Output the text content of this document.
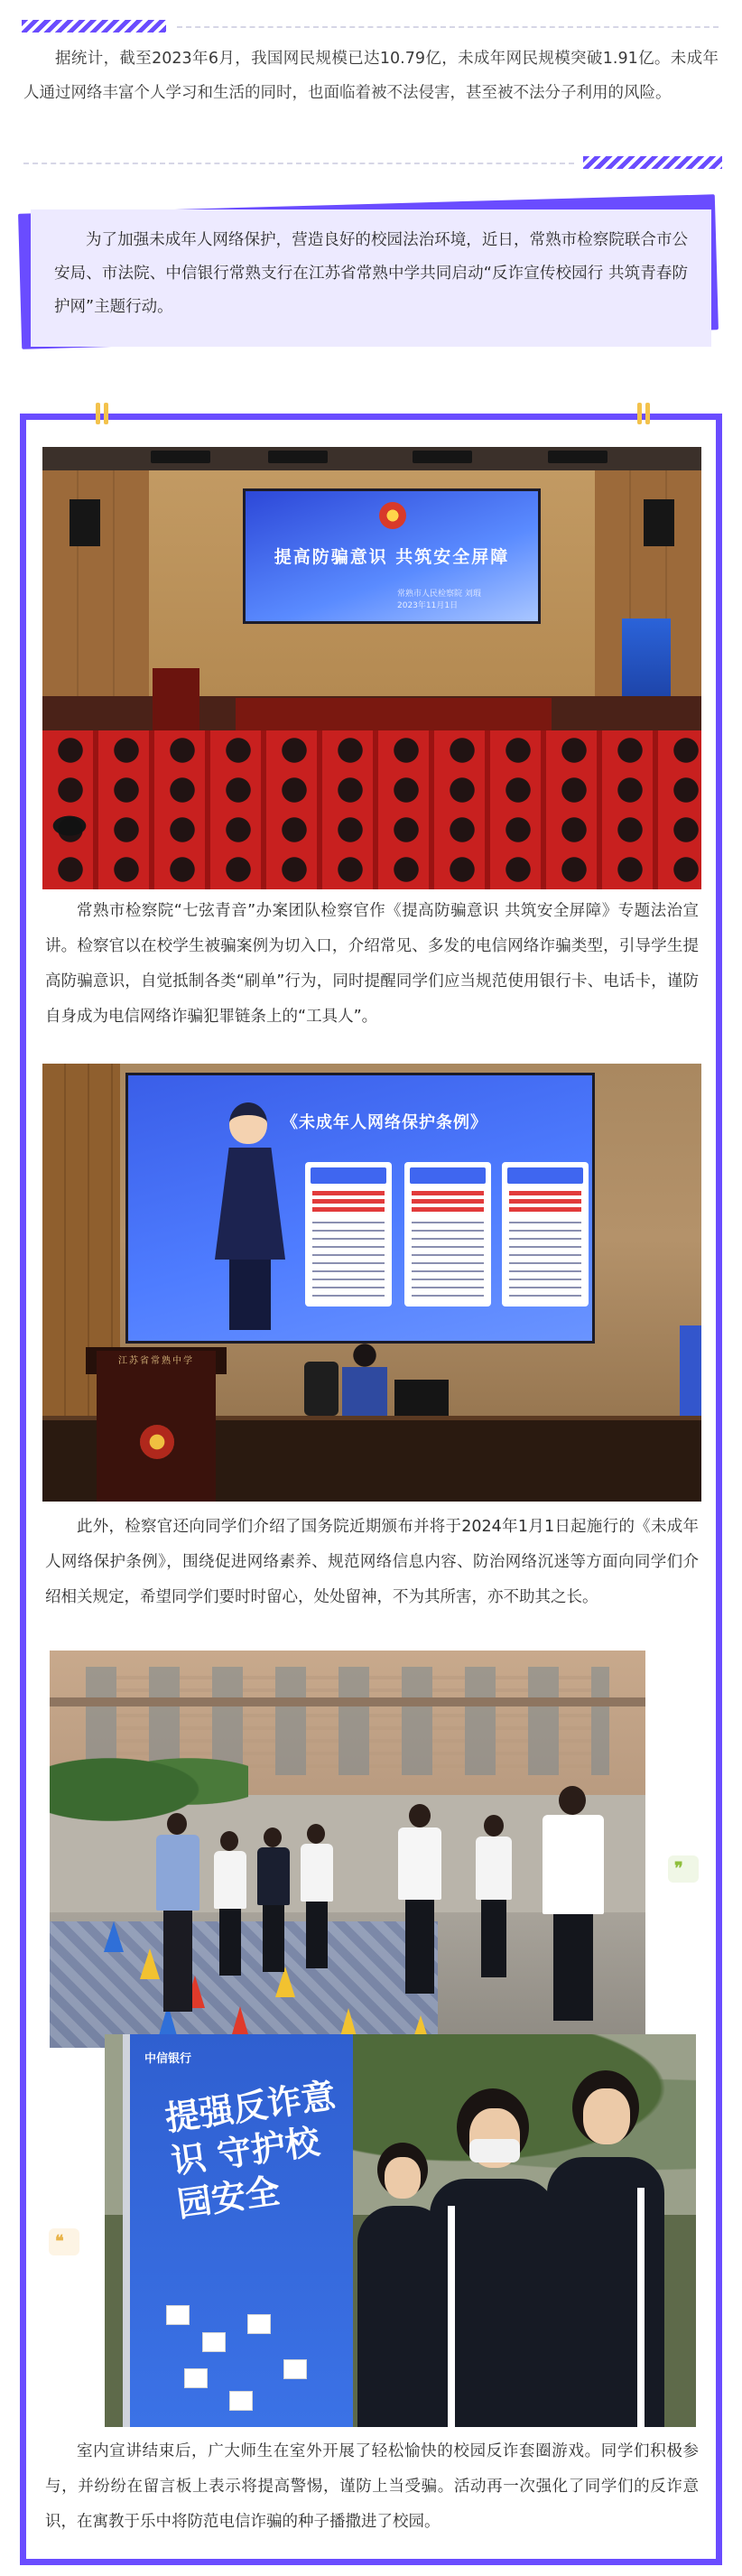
据统计，截至2023年6月，我国网民规模已达10.79亿，未成年网民规模突破1.91亿。未成年人通过网络丰富个人学习和生活的同时，也面临着被不法侵害，甚至被不法分子利用的风险。

为了加强未成年人网络保护，营造良好的校园法治环境，近日，常熟市检察院联合市公安局、市法院、中信银行常熟支行在江苏省常熟中学共同启动“反诈宣传校园行 共筑青春防护网”主题行动。

提高防骗意识 共筑安全屏障
常熟市人民检察院 刘瑕
2023年11月1日

常熟市检察院“七弦青音”办案团队检察官作《提高防骗意识 共筑安全屏障》专题法治宣讲。检察官以在校学生被骗案例为切入口，介绍常见、多发的电信网络诈骗类型，引导学生提高防骗意识，自觉抵制各类“刷单”行为，同时提醒同学们应当规范使用银行卡、电话卡，谨防自身成为电信网络诈骗犯罪链条上的“工具人”。

《未成年人网络保护条例》
江苏省常熟中学

此外，检察官还向同学们介绍了国务院近期颁布并将于2024年1月1日起施行的《未成年人网络保护条例》，围绕促进网络素养、规范网络信息内容、防治网络沉迷等方面向同学们介绍相关规定，希望同学们要时时留心，处处留神，不为其所害，亦不助其之长。

❞
❝
中信银行
提强反诈意识 守护校园安全

室内宣讲结束后，广大师生在室外开展了轻松愉快的校园反诈套圈游戏。同学们积极参与，并纷纷在留言板上表示将提高警惕，谨防上当受骗。活动再一次强化了同学们的反诈意识，在寓教于乐中将防范电信诈骗的种子播撒进了校园。
